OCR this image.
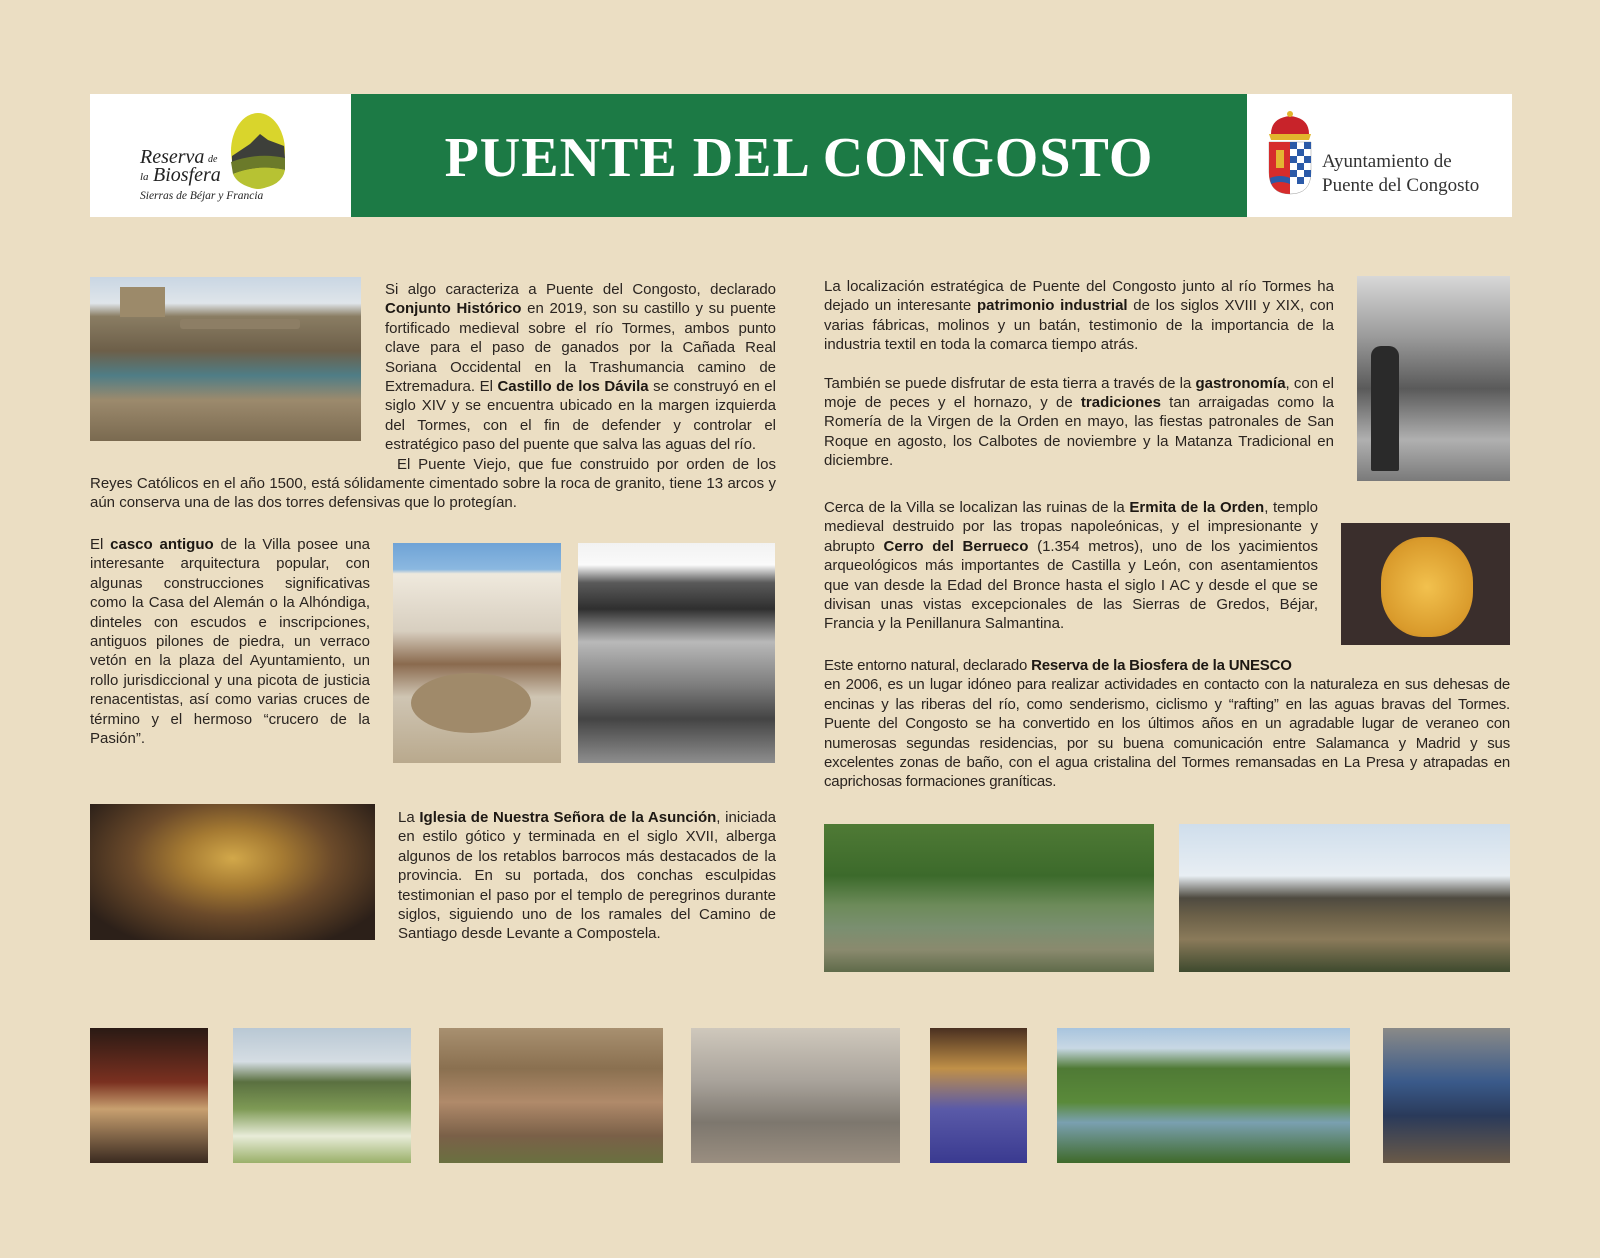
Reserva de
la Biosfera
Sierras de Béjar y Francia
PUENTE DEL CONGOSTO	Ayuntamiento de
Puente del Congosto

Si algo caracteriza a Puente del Congosto, declarado Conjunto Histórico en 2019, son su castillo y su puente fortificado medieval sobre el río Tormes, ambos punto clave para el paso de ganados por la Cañada Real Soriana Occidental en la Trashumancia camino de Extremadura. El Castillo de los Dávila se construyó en el siglo XIV y se encuentra ubicado en la margen izquierda del Tormes, con el fin de defender y controlar el estratégico paso del puente que salva las aguas del río.

El Puente Viejo, que fue construido por orden de los Reyes Católicos en el año 1500, está sólidamente cimentado sobre la roca de granito, tiene 13 arcos y aún conserva una de las dos torres defensivas que lo protegían.

El casco antiguo de la Villa posee una interesante arquitectura popular, con algunas construcciones significativas como la Casa del Alemán o la Alhóndiga, dinteles con escudos e inscripciones, antiguos pilones de piedra, un verraco vetón en la plaza del Ayuntamiento, un rollo jurisdiccional y una picota de justicia renacentistas, así como varias cruces de término y el hermoso “crucero de la Pasión”.

La Iglesia de Nuestra Señora de la Asunción, iniciada en estilo gótico y terminada en el siglo XVII, alberga algunos de los retablos barrocos más destacados de la provincia. En su portada, dos conchas esculpidas testimonian el paso por el templo de peregrinos durante siglos, siguiendo uno de los ramales del Camino de Santiago desde Levante a Compostela.

La localización estratégica de Puente del Congosto junto al río Tormes ha dejado un interesante patrimonio industrial de los siglos XVIII y XIX, con varias fábricas, molinos y un batán, testimonio de la importancia de la industria textil en toda la comarca tiempo atrás.

También se puede disfrutar de esta tierra a través de la gastronomía, con el moje de peces y el hornazo, y de tradiciones tan arraigadas como la Romería de la Virgen de la Orden en mayo, las fiestas patronales de San Roque en agosto, los Calbotes de noviembre y la Matanza Tradicional en diciembre.

Cerca de la Villa se localizan las ruinas de la Ermita de la Orden, templo medieval destruido por las tropas napoleónicas, y el impresionante y abrupto Cerro del Berrueco (1.354 metros), uno de los yacimientos arqueológicos más importantes de Castilla y León, con asentamientos que van desde la Edad del Bronce hasta el siglo I AC y desde el que se divisan unas vistas excepcionales de las Sierras de Gredos, Béjar, Francia y la Penillanura Salmantina.

Este entorno natural, declarado Reserva de la Biosfera de la UNESCO
en 2006, es un lugar idóneo para realizar actividades en contacto con la naturaleza en sus dehesas de encinas y las riberas del río, como senderismo, ciclismo y “rafting” en las aguas bravas del Tormes. Puente del Congosto se ha convertido en los últimos años en un agradable lugar de veraneo con numerosas segundas residencias, por su buena comunicación entre Salamanca y Madrid y sus excelentes zonas de baño, con el agua cristalina del Tormes remansadas en La Presa y atrapadas en caprichosas formaciones graníticas.
